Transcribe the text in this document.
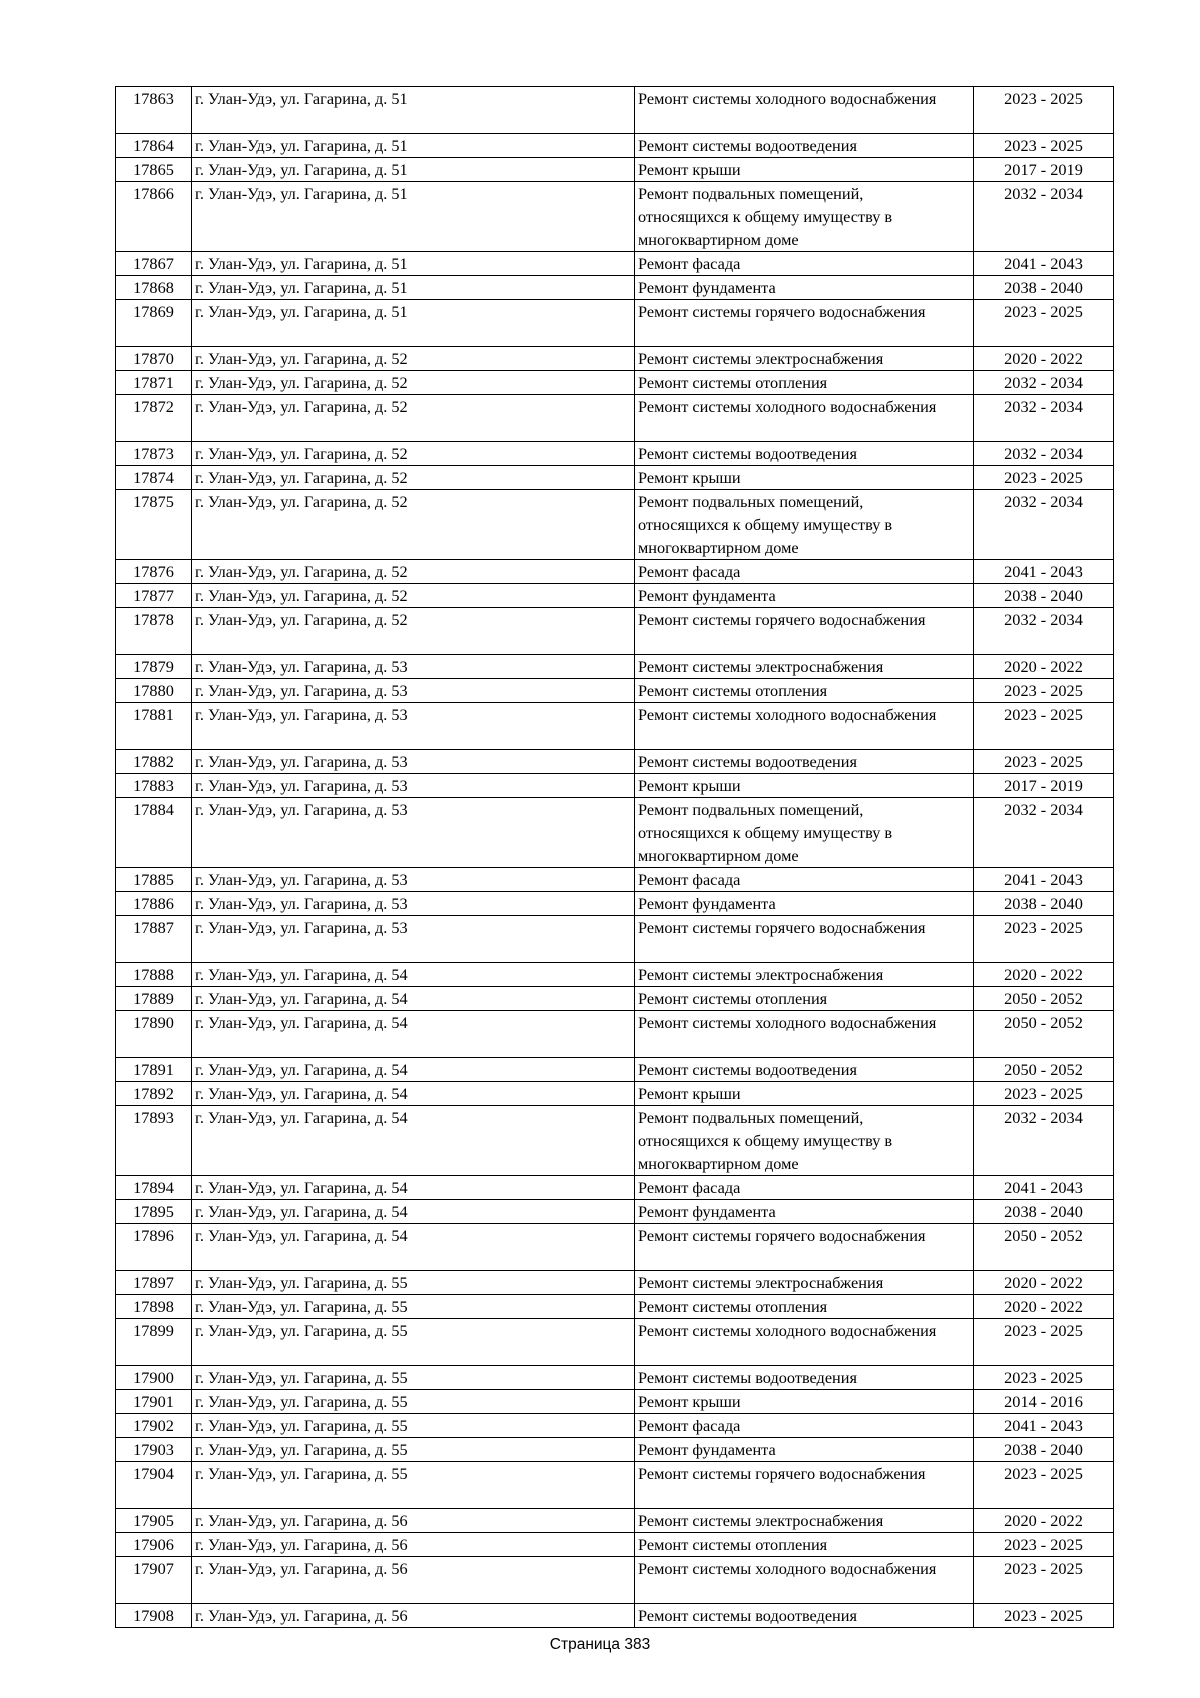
17863	г. Улан-Удэ, ул. Гагарина, д. 51	Ремонт системы холодного водоснабжения	2023 - 2025
17864	г. Улан-Удэ, ул. Гагарина, д. 51	Ремонт системы водоотведения	2023 - 2025
17865	г. Улан-Удэ, ул. Гагарина, д. 51	Ремонт крыши	2017 - 2019
17866	г. Улан-Удэ, ул. Гагарина, д. 51	Ремонт подвальных помещений,
относящихся к общему имуществу в
многоквартирном доме	2032 - 2034
17867	г. Улан-Удэ, ул. Гагарина, д. 51	Ремонт фасада	2041 - 2043
17868	г. Улан-Удэ, ул. Гагарина, д. 51	Ремонт фундамента	2038 - 2040
17869	г. Улан-Удэ, ул. Гагарина, д. 51	Ремонт системы горячего водоснабжения	2023 - 2025
17870	г. Улан-Удэ, ул. Гагарина, д. 52	Ремонт системы электроснабжения	2020 - 2022
17871	г. Улан-Удэ, ул. Гагарина, д. 52	Ремонт системы отопления	2032 - 2034
17872	г. Улан-Удэ, ул. Гагарина, д. 52	Ремонт системы холодного водоснабжения	2032 - 2034
17873	г. Улан-Удэ, ул. Гагарина, д. 52	Ремонт системы водоотведения	2032 - 2034
17874	г. Улан-Удэ, ул. Гагарина, д. 52	Ремонт крыши	2023 - 2025
17875	г. Улан-Удэ, ул. Гагарина, д. 52	Ремонт подвальных помещений,
относящихся к общему имуществу в
многоквартирном доме	2032 - 2034
17876	г. Улан-Удэ, ул. Гагарина, д. 52	Ремонт фасада	2041 - 2043
17877	г. Улан-Удэ, ул. Гагарина, д. 52	Ремонт фундамента	2038 - 2040
17878	г. Улан-Удэ, ул. Гагарина, д. 52	Ремонт системы горячего водоснабжения	2032 - 2034
17879	г. Улан-Удэ, ул. Гагарина, д. 53	Ремонт системы электроснабжения	2020 - 2022
17880	г. Улан-Удэ, ул. Гагарина, д. 53	Ремонт системы отопления	2023 - 2025
17881	г. Улан-Удэ, ул. Гагарина, д. 53	Ремонт системы холодного водоснабжения	2023 - 2025
17882	г. Улан-Удэ, ул. Гагарина, д. 53	Ремонт системы водоотведения	2023 - 2025
17883	г. Улан-Удэ, ул. Гагарина, д. 53	Ремонт крыши	2017 - 2019
17884	г. Улан-Удэ, ул. Гагарина, д. 53	Ремонт подвальных помещений,
относящихся к общему имуществу в
многоквартирном доме	2032 - 2034
17885	г. Улан-Удэ, ул. Гагарина, д. 53	Ремонт фасада	2041 - 2043
17886	г. Улан-Удэ, ул. Гагарина, д. 53	Ремонт фундамента	2038 - 2040
17887	г. Улан-Удэ, ул. Гагарина, д. 53	Ремонт системы горячего водоснабжения	2023 - 2025
17888	г. Улан-Удэ, ул. Гагарина, д. 54	Ремонт системы электроснабжения	2020 - 2022
17889	г. Улан-Удэ, ул. Гагарина, д. 54	Ремонт системы отопления	2050 - 2052
17890	г. Улан-Удэ, ул. Гагарина, д. 54	Ремонт системы холодного водоснабжения	2050 - 2052
17891	г. Улан-Удэ, ул. Гагарина, д. 54	Ремонт системы водоотведения	2050 - 2052
17892	г. Улан-Удэ, ул. Гагарина, д. 54	Ремонт крыши	2023 - 2025
17893	г. Улан-Удэ, ул. Гагарина, д. 54	Ремонт подвальных помещений,
относящихся к общему имуществу в
многоквартирном доме	2032 - 2034
17894	г. Улан-Удэ, ул. Гагарина, д. 54	Ремонт фасада	2041 - 2043
17895	г. Улан-Удэ, ул. Гагарина, д. 54	Ремонт фундамента	2038 - 2040
17896	г. Улан-Удэ, ул. Гагарина, д. 54	Ремонт системы горячего водоснабжения	2050 - 2052
17897	г. Улан-Удэ, ул. Гагарина, д. 55	Ремонт системы электроснабжения	2020 - 2022
17898	г. Улан-Удэ, ул. Гагарина, д. 55	Ремонт системы отопления	2020 - 2022
17899	г. Улан-Удэ, ул. Гагарина, д. 55	Ремонт системы холодного водоснабжения	2023 - 2025
17900	г. Улан-Удэ, ул. Гагарина, д. 55	Ремонт системы водоотведения	2023 - 2025
17901	г. Улан-Удэ, ул. Гагарина, д. 55	Ремонт крыши	2014 - 2016
17902	г. Улан-Удэ, ул. Гагарина, д. 55	Ремонт фасада	2041 - 2043
17903	г. Улан-Удэ, ул. Гагарина, д. 55	Ремонт фундамента	2038 - 2040
17904	г. Улан-Удэ, ул. Гагарина, д. 55	Ремонт системы горячего водоснабжения	2023 - 2025
17905	г. Улан-Удэ, ул. Гагарина, д. 56	Ремонт системы электроснабжения	2020 - 2022
17906	г. Улан-Удэ, ул. Гагарина, д. 56	Ремонт системы отопления	2023 - 2025
17907	г. Улан-Удэ, ул. Гагарина, д. 56	Ремонт системы холодного водоснабжения	2023 - 2025
17908	г. Улан-Удэ, ул. Гагарина, д. 56	Ремонт системы водоотведения	2023 - 2025
Страница 383
